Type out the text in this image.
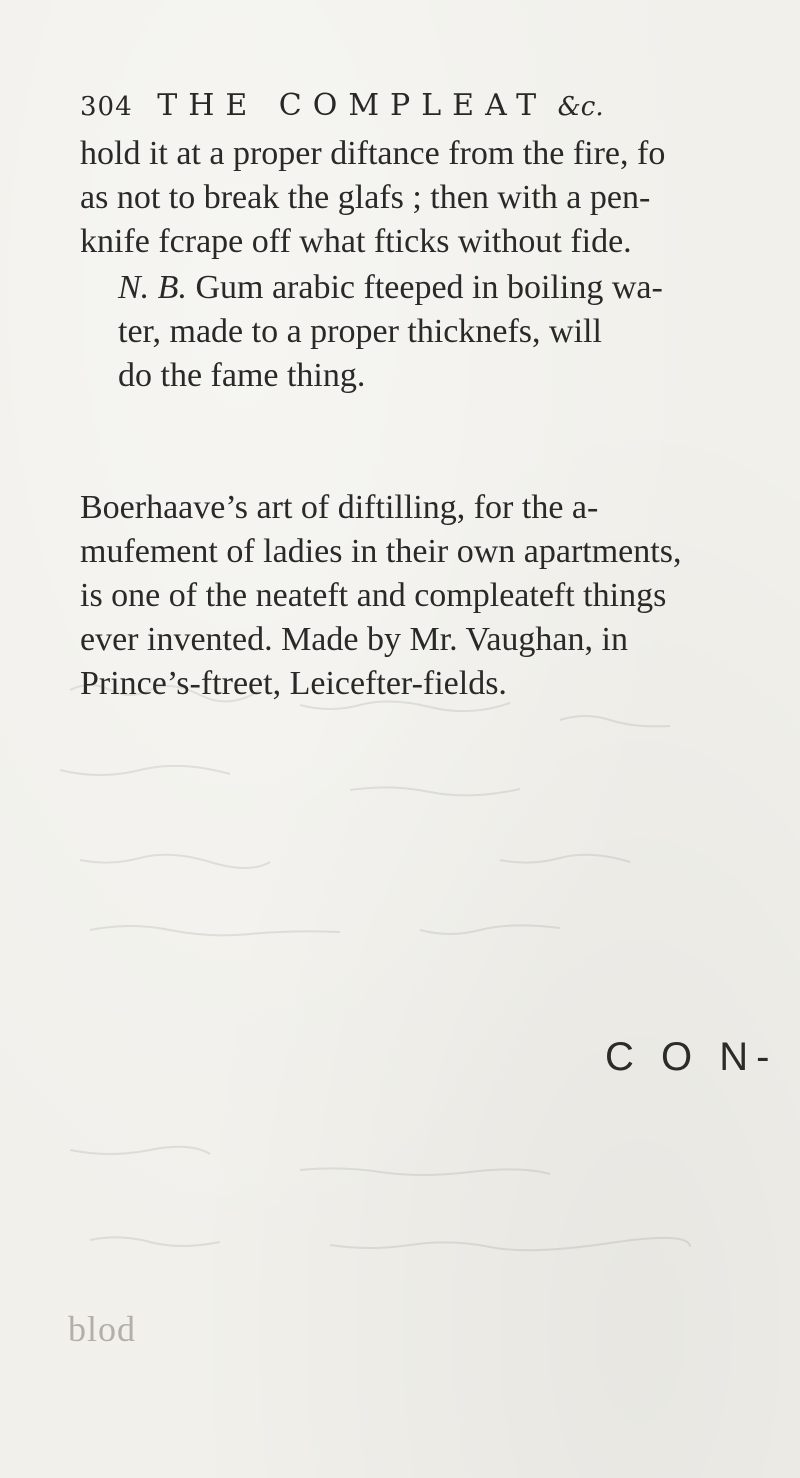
304 THE COMPLEAT &c.

hold it at a proper diftance from the fire, fo
as not to break the glafs ; then with a pen-
knife fcrape off what fticks without fide.

N. B. Gum arabic fteeped in boiling wa-
ter, made to a proper thicknefs, will
do the fame thing.

Boerhaave’s art of diftilling, for the a-
mufement of ladies in their own apartments,
is one of the neateft and compleateft things
ever invented. Made by Mr. Vaughan, in
Prince’s-ftreet, Leicefter-fields.

C O N-
blod
